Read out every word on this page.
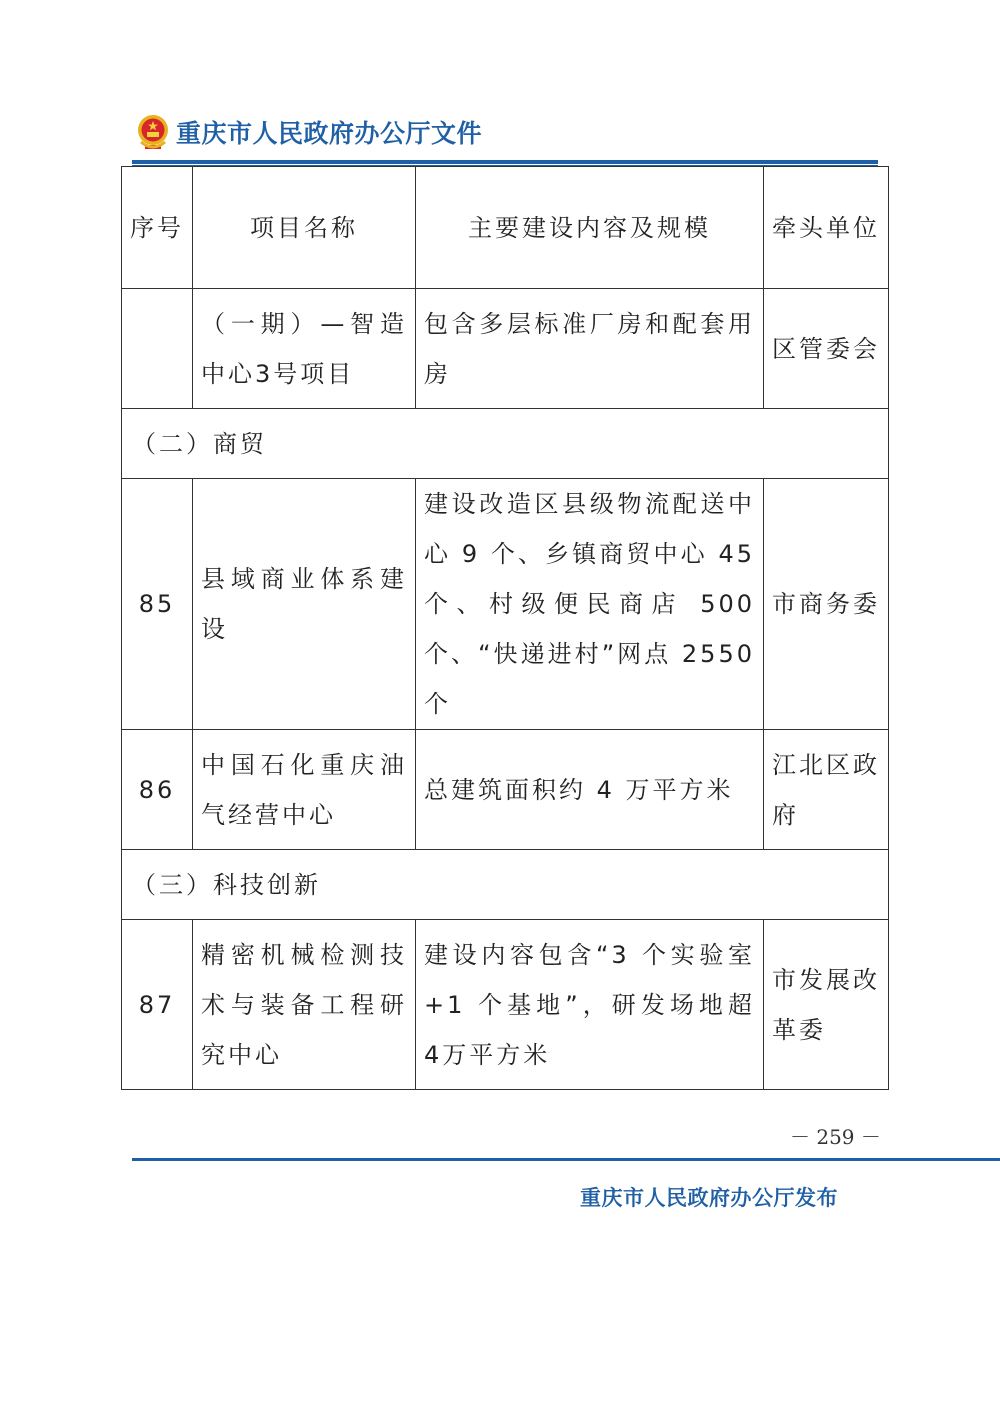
重庆市人民政府办公厅文件
序号	项目名称	主要建设内容及规模	牵头单位
	（一期）—智造中心3号项目	包含多层标准厂房和配套用房	区管委会
（二）商贸			
85	县域商业体系建设	建设改造区县级物流配送中心 9 个、乡镇商贸中心 45个、村级便民商店 500 个、“快递进村”网点 2550 个	市商务委
86	中国石化重庆油气经营中心	总建筑面积约 4 万平方米	江北区政府
（三）科技创新			
87	精密机械检测技术与装备工程研究中心	建设内容包含“3 个实验室+1 个基地”，研发场地超 4万平方米	市发展改革委
－ 259 －
重庆市人民政府办公厅发布
